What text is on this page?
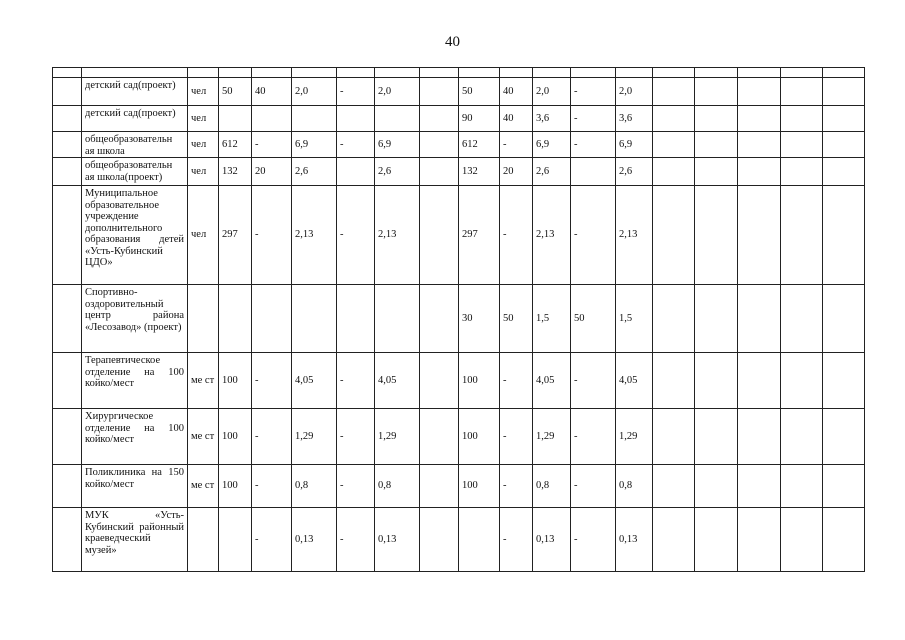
40

	детский сад(проект)	чел	50	40	2,0	-	2,0		50	40	2,0	-	2,0					
	детский сад(проект)	чел							90	40	3,6	-	3,6					
	общеобразовательн ая школа	чел	612	-	6,9	-	6,9		612	-	6,9	-	6,9					
	общеобразовательн ая школа(проект)	чел	132	20	2,6		2,6		132	20	2,6		2,6					
	Муниципальное образовательное учреждение дополнительного образования детей «Усть-Кубинский ЦДО»	чел	297	-	2,13	-	2,13		297	-	2,13	-	2,13					
	Спортивно-оздоровительный центр района «Лесозавод» (проект)								30	50	1,5	50	1,5					
	Терапевтическое отделение на 100 койко/мест	ме ст	100	-	4,05	-	4,05		100	-	4,05	-	4,05					
	Хирургическое отделение на 100 койко/мест	ме ст	100	-	1,29	-	1,29		100	-	1,29	-	1,29					
	Поликлиника на 150 койко/мест	ме ст	100	-	0,8	-	0,8		100	-	0,8	-	0,8					
	МУК «Усть-Кубинский районный краеведческий музей»			-	0,13	-	0,13			-	0,13	-	0,13					
